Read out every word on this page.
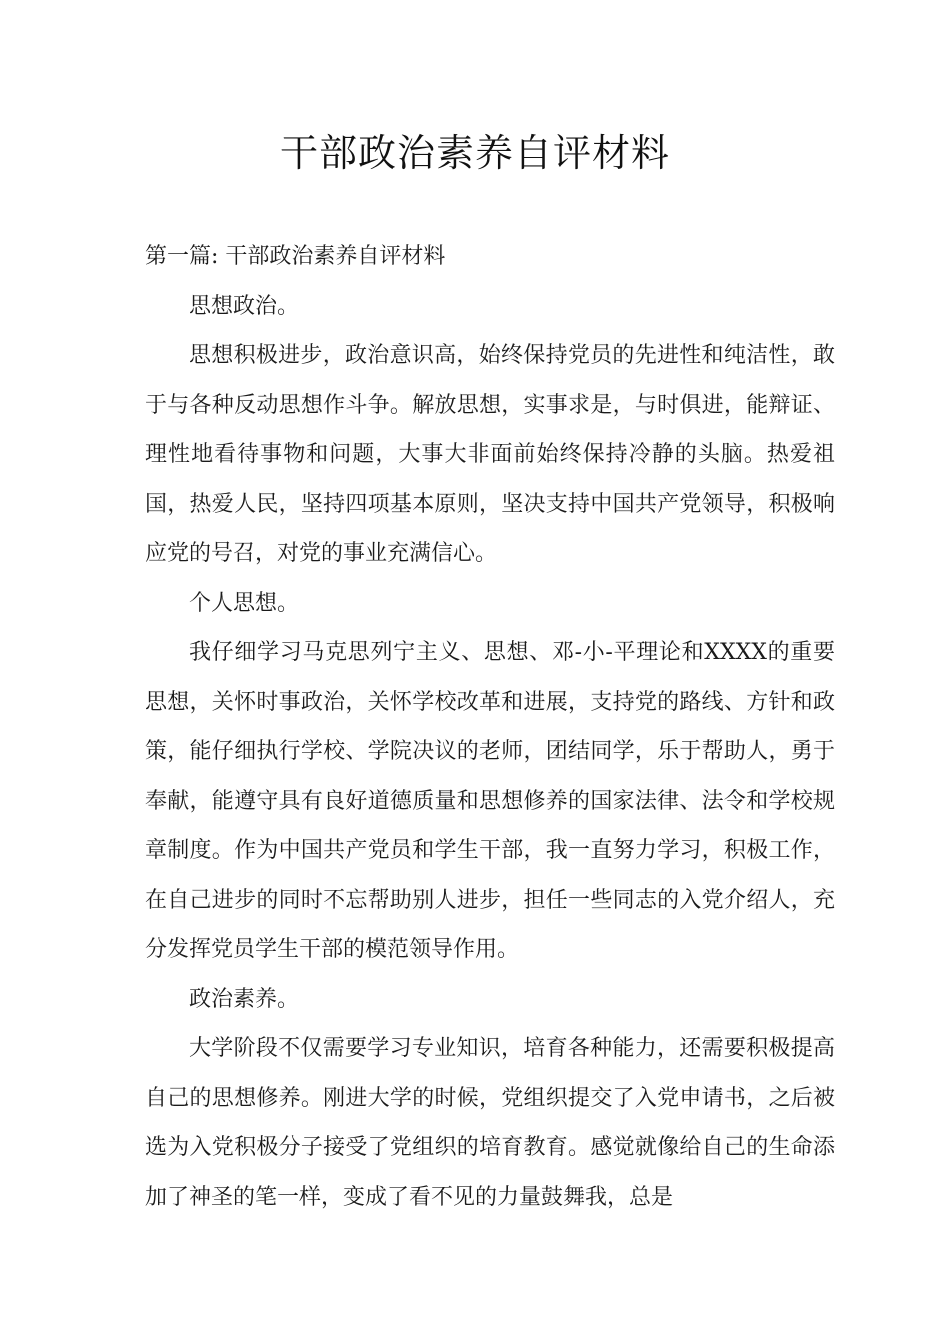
干部政治素养自评材料

第一篇: 干部政治素养自评材料

思想政治。

思想积极进步，政治意识高，始终保持党员的先进性和纯洁性，敢于与各种反动思想作斗争。解放思想，实事求是，与时俱进，能辩证、理性地看待事物和问题，大事大非面前始终保持冷静的头脑。热爱祖国，热爱人民，坚持四项基本原则，坚决支持中国共产党领导，积极响应党的号召，对党的事业充满信心。

个人思想。

我仔细学习马克思列宁主义、思想、邓-小-平理论和XXXX的重要思想，关怀时事政治，关怀学校改革和进展，支持党的路线、方针和政策，能仔细执行学校、学院决议的老师，团结同学，乐于帮助人，勇于奉献，能遵守具有良好道德质量和思想修养的国家法律、法令和学校规章制度。作为中国共产党员和学生干部，我一直努力学习，积极工作，在自己进步的同时不忘帮助别人进步，担任一些同志的入党介绍人，充分发挥党员学生干部的模范领导作用。

政治素养。

大学阶段不仅需要学习专业知识，培育各种能力，还需要积极提高自己的思想修养。刚进大学的时候，党组织提交了入党申请书，之后被选为入党积极分子接受了党组织的培育教育。感觉就像给自己的生命添加了神圣的笔一样，变成了看不见的力量鼓舞我，总是
